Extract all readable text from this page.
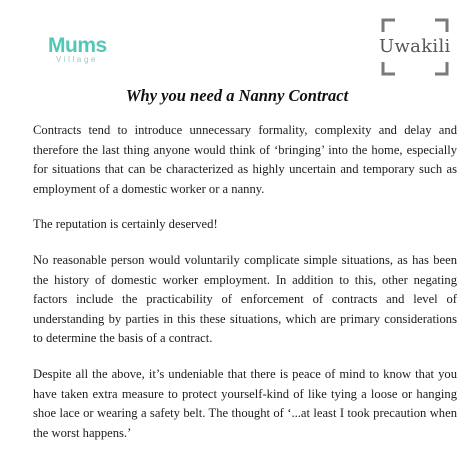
Mums
Village
Uwakili
Why you need a Nanny Contract

Contracts tend to introduce unnecessary formality, complexity and delay and therefore the last thing anyone would think of ‘bringing’ into the home, especially for situations that can be characterized as highly uncertain and temporary such as employment of a domestic worker or a nanny.

The reputation is certainly deserved!

No reasonable person would voluntarily complicate simple situations, as has been the history of domestic worker employment. In addition to this, other negating factors include the practicability of enforcement of contracts and level of understanding by parties in this these situations, which are primary considerations to determine the basis of a contract.

Despite all the above, it’s undeniable that there is peace of mind to know that you have taken extra measure to protect yourself-kind of like tying a loose or hanging shoe lace or wearing a safety belt. The thought of ‘...at least I took precaution when the worst happens.’
